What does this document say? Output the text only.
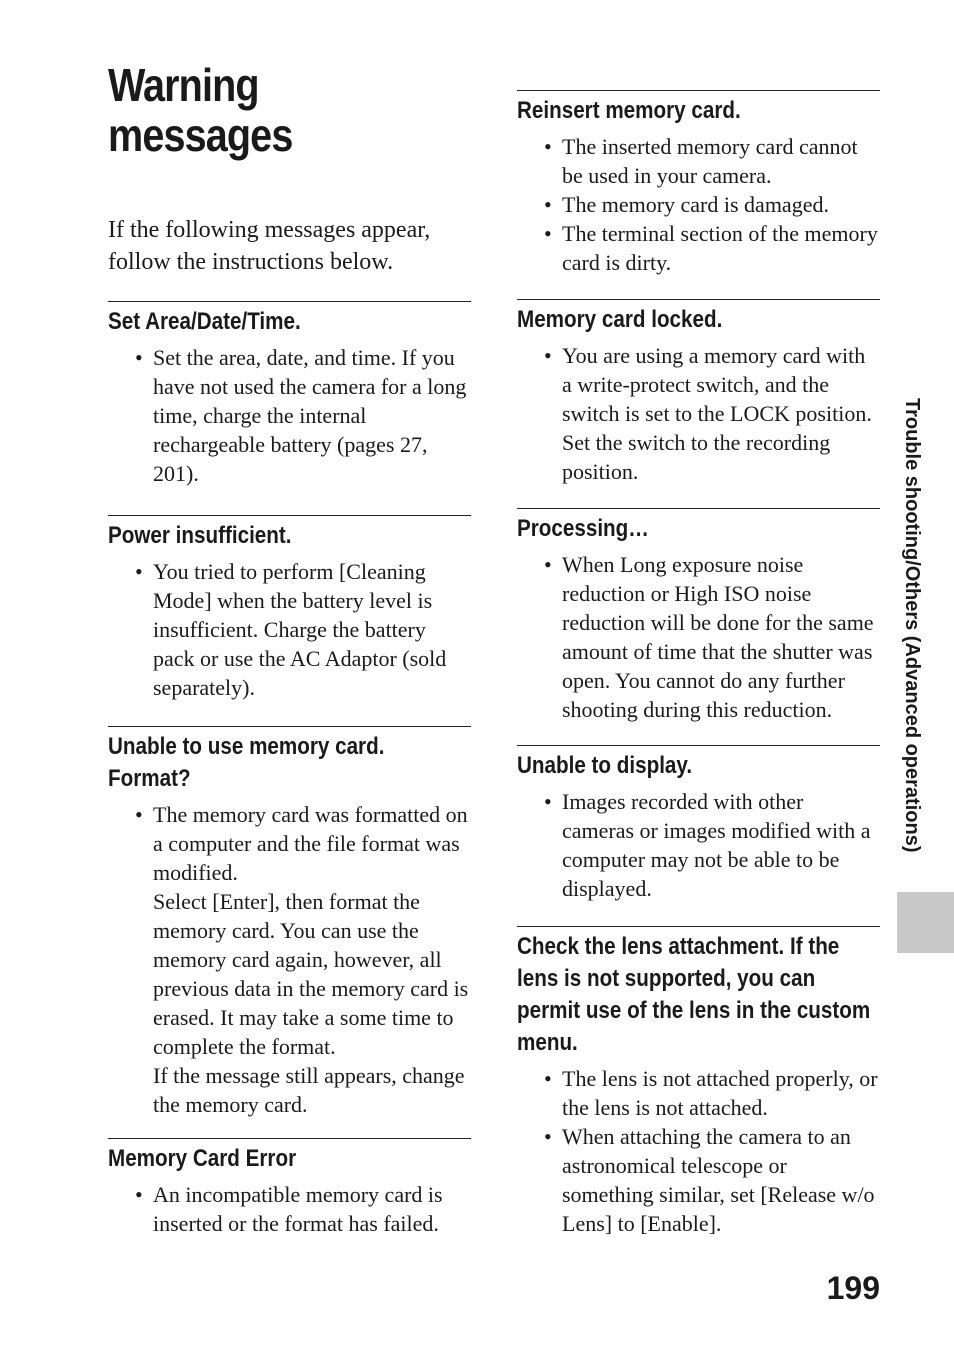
Warning
messages

If the following messages appear, follow the instructions below.

Set Area/Date/Time.
• Set the area, date, and time. If you have not used the camera for a long time, charge the internal rechargeable battery (pages 27, 201).
Power insufficient.
• You tried to perform [Cleaning Mode] when the battery level is insufficient. Charge the battery pack or use the AC Adaptor (sold separately).
Unable to use memory card. Format?
• The memory card was formatted on a computer and the file format was modified.
Select [Enter], then format the memory card. You can use the memory card again, however, all previous data in the memory card is erased. It may take a some time to complete the format.
If the message still appears, change the memory card.
Memory Card Error
• An incompatible memory card is inserted or the format has failed.
Reinsert memory card.
• The inserted memory card cannot be used in your camera.
• The memory card is damaged.
• The terminal section of the memory card is dirty.
Memory card locked.
• You are using a memory card with a write-protect switch, and the switch is set to the LOCK position. Set the switch to the recording position.
Processing…
• When Long exposure noise reduction or High ISO noise reduction will be done for the same amount of time that the shutter was open. You cannot do any further shooting during this reduction.
Unable to display.
• Images recorded with other cameras or images modified with a computer may not be able to be displayed.
Check the lens attachment. If the lens is not supported, you can permit use of the lens in the custom menu.
• The lens is not attached properly, or the lens is not attached.
• When attaching the camera to an astronomical telescope or something similar, set [Release w/o Lens] to [Enable].
Trouble shooting/Others (Advanced operations)
199
